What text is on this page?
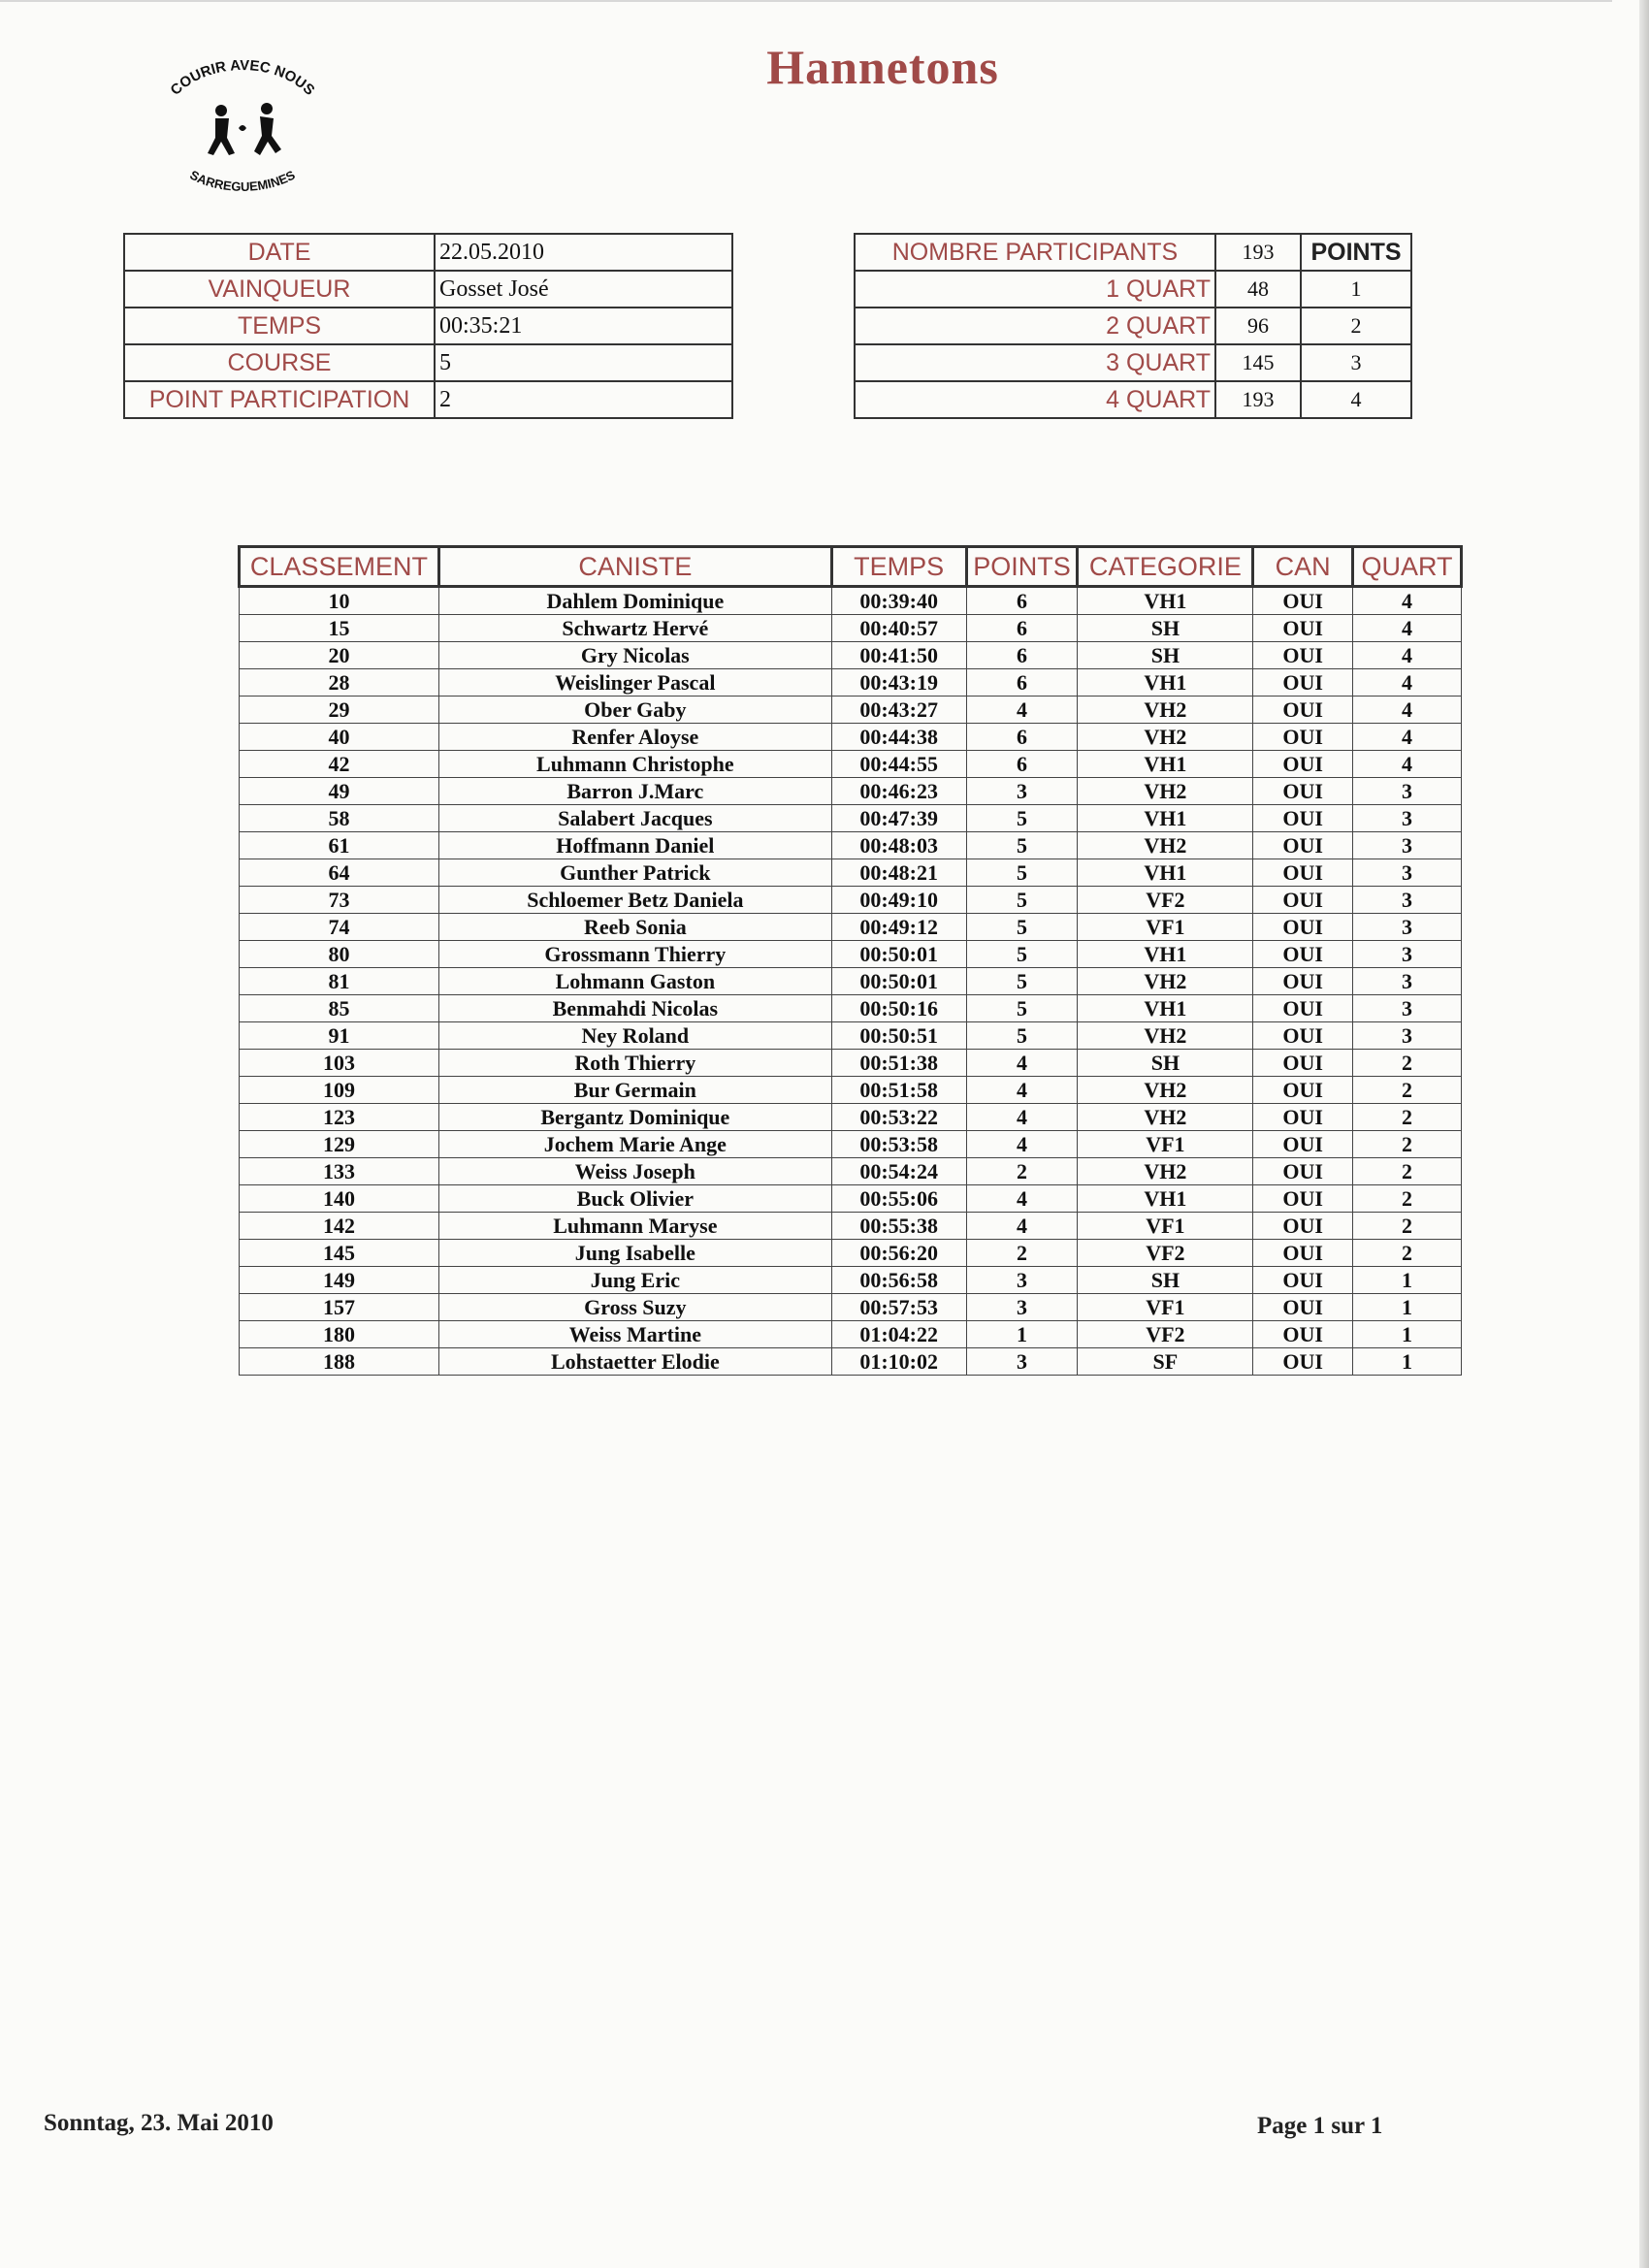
COURIR AVEC NOUS
SARREGUEMINES
Hannetons
DATE	22.05.2010
VAINQUEUR	Gosset José
TEMPS	00:35:21
COURSE	5
POINT PARTICIPATION	2
NOMBRE PARTICIPANTS	193	POINTS
1 QUART	48	1
2 QUART	96	2
3 QUART	145	3
4 QUART	193	4
CLASSEMENT	CANISTE	TEMPS	POINTS	CATEGORIE	CAN	QUART
10	Dahlem Dominique	00:39:40	6	VH1	OUI	4
15	Schwartz Hervé	00:40:57	6	SH	OUI	4
20	Gry Nicolas	00:41:50	6	SH	OUI	4
28	Weislinger Pascal	00:43:19	6	VH1	OUI	4
29	Ober Gaby	00:43:27	4	VH2	OUI	4
40	Renfer Aloyse	00:44:38	6	VH2	OUI	4
42	Luhmann Christophe	00:44:55	6	VH1	OUI	4
49	Barron J.Marc	00:46:23	3	VH2	OUI	3
58	Salabert Jacques	00:47:39	5	VH1	OUI	3
61	Hoffmann Daniel	00:48:03	5	VH2	OUI	3
64	Gunther Patrick	00:48:21	5	VH1	OUI	3
73	Schloemer Betz Daniela	00:49:10	5	VF2	OUI	3
74	Reeb Sonia	00:49:12	5	VF1	OUI	3
80	Grossmann Thierry	00:50:01	5	VH1	OUI	3
81	Lohmann Gaston	00:50:01	5	VH2	OUI	3
85	Benmahdi Nicolas	00:50:16	5	VH1	OUI	3
91	Ney Roland	00:50:51	5	VH2	OUI	3
103	Roth Thierry	00:51:38	4	SH	OUI	2
109	Bur Germain	00:51:58	4	VH2	OUI	2
123	Bergantz Dominique	00:53:22	4	VH2	OUI	2
129	Jochem Marie Ange	00:53:58	4	VF1	OUI	2
133	Weiss Joseph	00:54:24	2	VH2	OUI	2
140	Buck Olivier	00:55:06	4	VH1	OUI	2
142	Luhmann Maryse	00:55:38	4	VF1	OUI	2
145	Jung Isabelle	00:56:20	2	VF2	OUI	2
149	Jung Eric	00:56:58	3	SH	OUI	1
157	Gross Suzy	00:57:53	3	VF1	OUI	1
180	Weiss Martine	01:04:22	1	VF2	OUI	1
188	Lohstaetter Elodie	01:10:02	3	SF	OUI	1
Sonntag, 23. Mai 2010	Page 1 sur 1
